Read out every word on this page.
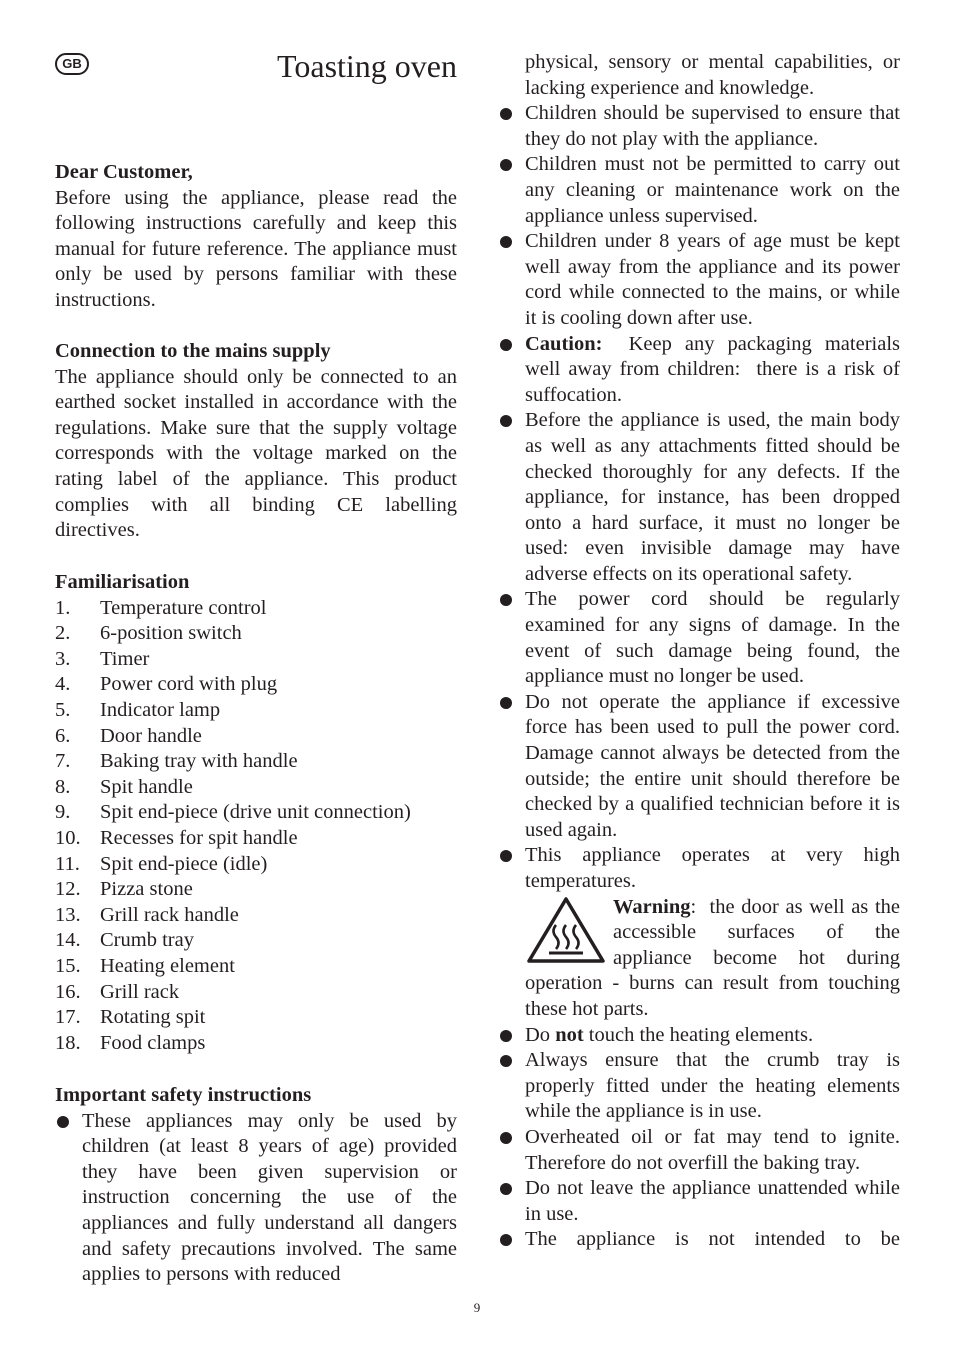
GB	Toasting oven
Dear Customer,
Before using the appliance, please read the following instructions carefully and keep this manual for future reference. The appliance must only be used by persons familiar with these instructions.
Connection to the mains supply
The appliance should only be connected to an earthed socket installed in accordance with the regulations. Make sure that the supply voltage corresponds with the voltage marked on the rating label of the appliance. This product complies with all binding CE labelling directives.
Familiarisation
1.	Temperature control
2.	6-position switch
3.	Timer
4.	Power cord with plug
5.	Indicator lamp
6.	Door handle
7.	Baking tray with handle
8.	Spit handle
9.	Spit end-piece (drive unit connection)
10. Recesses for spit handle
11. Spit end-piece (idle)
12. Pizza stone
13. Grill rack handle
14. Crumb tray
15. Heating element
16. Grill rack
17. Rotating spit
18. Food clamps
Important safety instructions
These appliances may only be used by children (at least 8 years of age) provided they have been given supervision or instruction concerning the use of the appliances and fully understand all dangers and safety precautions involved. The same applies to persons with reduced
physical, sensory or mental capabilities, or lacking experience and knowledge.
Children should be supervised to ensure that they do not play with the appliance.
Children must not be permitted to carry out any cleaning or maintenance work on the appliance unless supervised.
Children under 8 years of age must be kept well away from the appliance and its power cord while connected to the mains, or while it is cooling down after use.
Caution:  Keep any packaging materials well away from children:  there is a risk of suffocation.
Before the appliance is used, the main body as well as any attachments fitted should be checked thoroughly for any defects. If the appliance, for instance, has been dropped onto a hard surface, it must no longer be used: even invisible damage may have adverse effects on its operational safety.
The power cord should be regularly examined for any signs of damage. In the event of such damage being found, the appliance must no longer be used.
Do not operate the appliance if excessive force has been used to pull the power cord. Damage cannot always be detected from the outside; the entire unit should therefore be checked by a qualified technician before it is used again.
This appliance operates at very high temperatures.
Warning:  the door as well as the accessible surfaces of the appliance become hot during operation - burns can result from touching these hot parts.
Do not touch the heating elements.
Always ensure that the crumb tray is properly fitted under the heating elements while the appliance is in use.
Overheated oil or fat may tend to ignite. Therefore do not overfill the baking tray.
Do not leave the appliance unattended while in use.
The appliance is not intended to be
9
